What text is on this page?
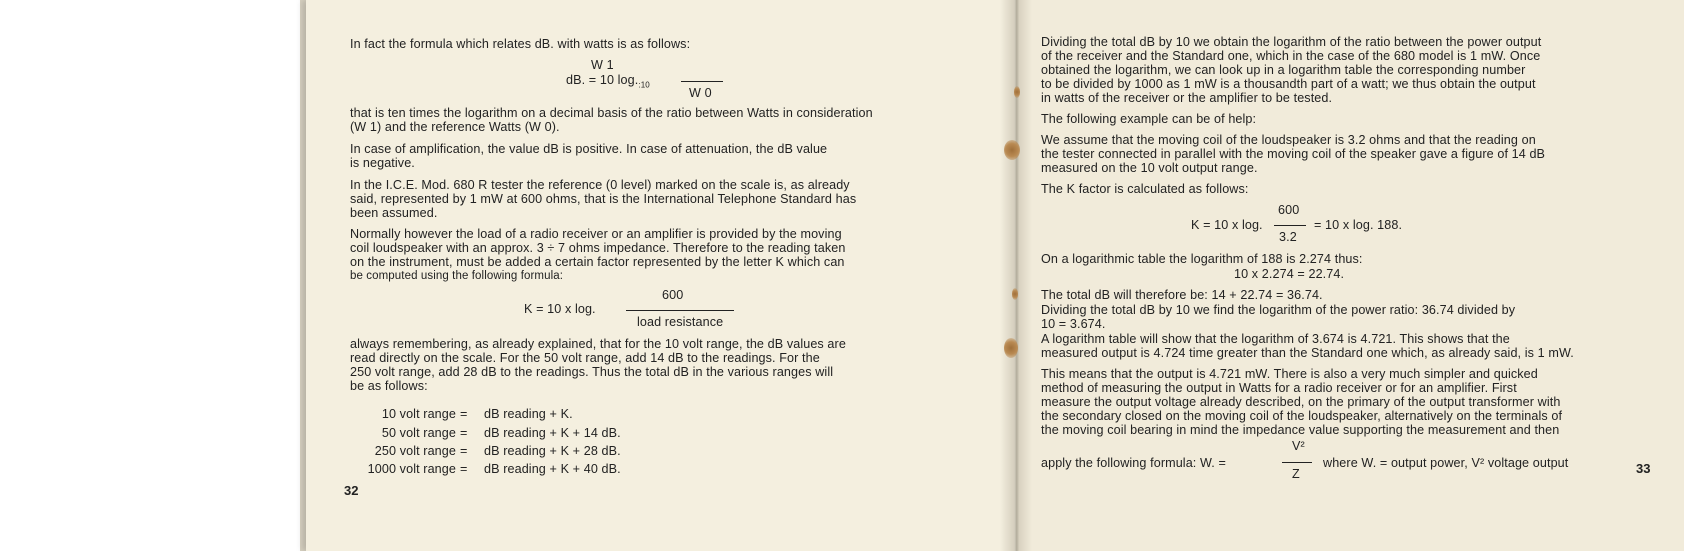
In fact the formula which relates dB. with watts is as follows:
W 1
dB. = 10 $\log._{:10}$
W 0
that is ten times the logarithm on a decimal basis of the ratio between Watts in consideration
(W 1) and the reference Watts (W 0).
In case of amplification, the value dB is positive. In case of attenuation, the dB value
is negative.
In the I.C.E. Mod. 680 R tester the reference (0 level) marked on the scale is, as already
said, represented by 1 mW at 600 ohms, that is the International Telephone Standard has
been assumed.
Normally however the load of a radio receiver or an amplifier is provided by the moving
coil loudspeaker with an approx. 3 ÷ 7 ohms impedance. Therefore to the reading taken
on the instrument, must be added a certain factor represented by the letter K which can
be computed using the following formula:
600
K = 10 x log.
load resistance
always remembering, as already explained, that for the 10 volt range, the dB values are
read directly on the scale. For the 50 volt range, add 14 dB to the readings. For the
250 volt range, add 28 dB to the readings. Thus the total dB in the various ranges will
be as follows:
10 volt range = dB reading + K.
50 volt range = dB reading + K + 14 dB.
250 volt range = dB reading + K + 28 dB.
1000 volt range = dB reading + K + 40 dB.
32
Dividing the total dB by 10 we obtain the logarithm of the ratio between the power output
of the receiver and the Standard one, which in the case of the 680 model is 1 mW. Once
obtained the logarithm, we can look up in a logarithm table the corresponding number
to be divided by 1000 as 1 mW is a thousandth part of a watt; we thus obtain the output
in watts of the receiver or the amplifier to be tested.
The following example can be of help:
We assume that the moving coil of the loudspeaker is 3.2 ohms and that the reading on
the tester connected in parallel with the moving coil of the speaker gave a figure of 14 dB
measured on the 10 volt output range.
The K factor is calculated as follows:
600
K = 10 x log.
3.2
= 10 x log. 188.
On a logarithmic table the logarithm of 188 is 2.274 thus:
10 x 2.274 = 22.74.
The total dB will therefore be: 14 + 22.74 = 36.74.
Dividing the total dB by 10 we find the logarithm of the power ratio: 36.74 divided by
10 = 3.674.
A logarithm table will show that the logarithm of 3.674 is 4.721. This shows that the
measured output is 4.724 time greater than the Standard one which, as already said, is 1 mW.
This means that the output is 4.721 mW. There is also a very much simpler and quicked
method of measuring the output in Watts for a radio receiver or for an amplifier. First
measure the output voltage already described, on the primary of the output transformer with
the secondary closed on the moving coil of the loudspeaker, alternatively on the terminals of
the moving coil bearing in mind the impedance value supporting the measurement and then
V²
apply the following formula: W. =
Z
where W. = output power, V² voltage output	33
